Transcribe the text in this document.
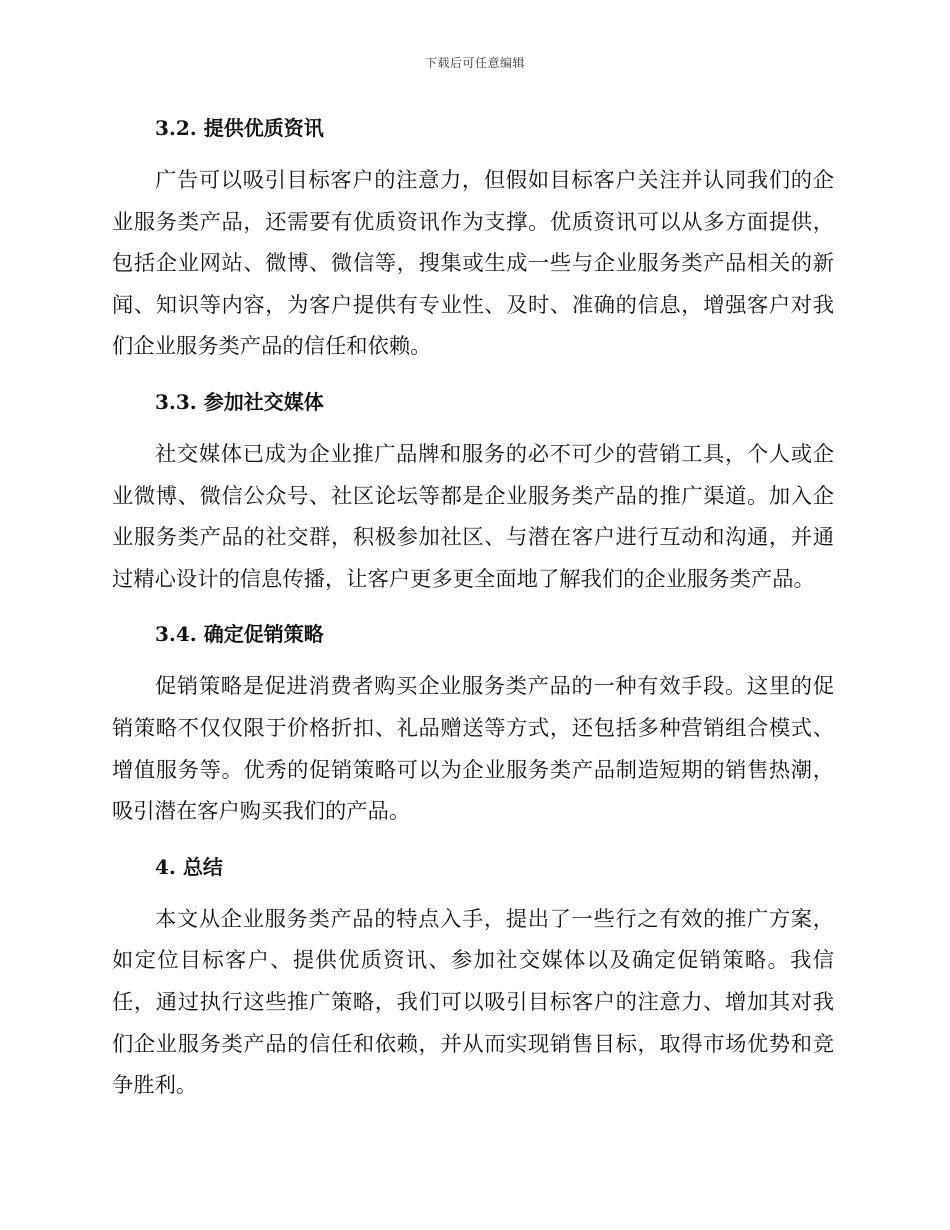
下载后可任意编辑
3.2. 提供优质资讯

广告可以吸引目标客户的注意力，但假如目标客户关注并认同我们的企业服务类产品，还需要有优质资讯作为支撑。优质资讯可以从多方面提供，包括企业网站、微博、微信等，搜集或生成一些与企业服务类产品相关的新闻、知识等内容，为客户提供有专业性、及时、准确的信息，增强客户对我们企业服务类产品的信任和依赖。

3.3. 参加社交媒体

社交媒体已成为企业推广品牌和服务的必不可少的营销工具，个人或企业微博、微信公众号、社区论坛等都是企业服务类产品的推广渠道。加入企业服务类产品的社交群，积极参加社区、与潜在客户进行互动和沟通，并通过精心设计的信息传播，让客户更多更全面地了解我们的企业服务类产品。

3.4. 确定促销策略

促销策略是促进消费者购买企业服务类产品的一种有效手段。这里的促销策略不仅仅限于价格折扣、礼品赠送等方式，还包括多种营销组合模式、增值服务等。优秀的促销策略可以为企业服务类产品制造短期的销售热潮，吸引潜在客户购买我们的产品。

4. 总结

本文从企业服务类产品的特点入手，提出了一些行之有效的推广方案，如定位目标客户、提供优质资讯、参加社交媒体以及确定促销策略。我信任，通过执行这些推广策略，我们可以吸引目标客户的注意力、增加其对我们企业服务类产品的信任和依赖，并从而实现销售目标，取得市场优势和竞争胜利。
